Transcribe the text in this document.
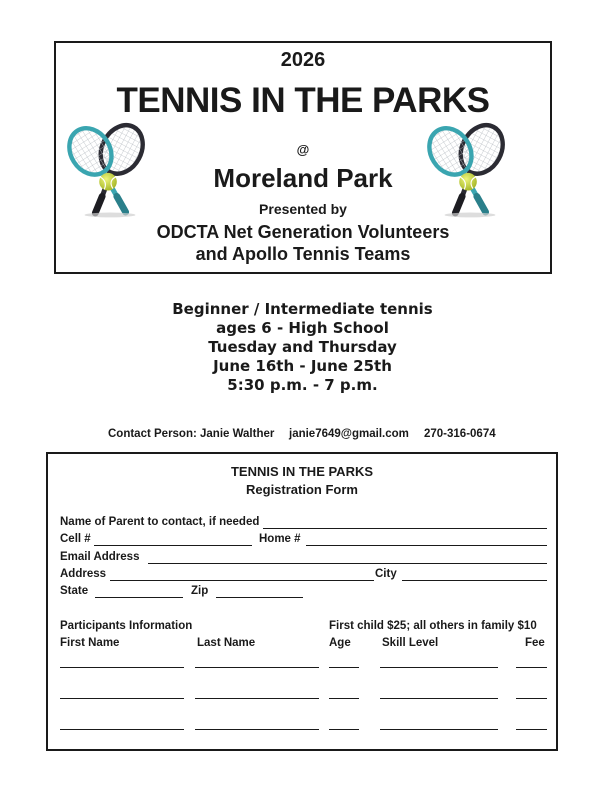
2026
TENNIS IN THE PARKS
@
Moreland Park
Presented by
ODCTA Net Generation Volunteers
and Apollo Tennis Teams
Beginner / Intermediate tennis
ages 6 - High School
Tuesday and Thursday
June 16th - June 25th
5:30 p.m. - 7 p.m.
Contact Person: Janie Walther janie7649@gmail.com 270-316-0674
TENNIS IN THE PARKS
Registration Form
Name of Parent to contact, if needed
Cell #	Home #
Email Address
Address	City
State	Zip
Participants Information	First child $25; all others in family $10
First Name	Last Name	Age	Skill Level	Fee
